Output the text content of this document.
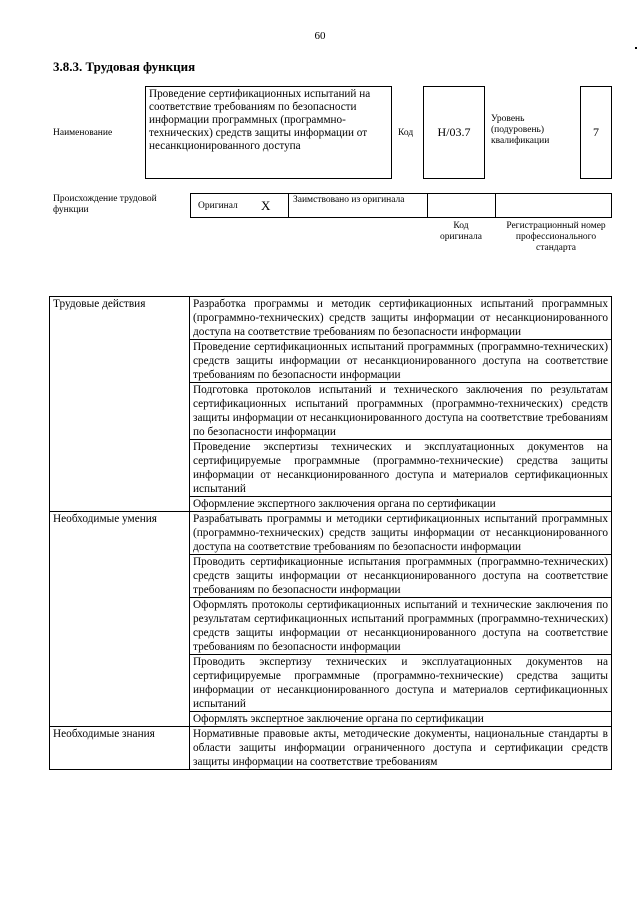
60
3.8.3. Трудовая функция
Наименование
Проведение сертификационных испытаний на соответствие требованиям по безопасности информации программных (программно-технических) средств защиты информации от несанкционированного доступа
Код	Н/03.7
Уровень (подуровень) квалификации
7
Происхождение трудовой функции	Оригинал X Заимствовано из оригинала
Код оригинала
Регистрационный номер профессионального стандарта
Трудовые действия	Разработка программы и методик сертификационных испытаний программных (программно-технических) средств защиты информации от несанкционированного доступа на соответствие требованиям по безопасности информации
	Проведение сертификационных испытаний программных (программно-технических) средств защиты информации от несанкционированного доступа на соответствие требованиям по безопасности информации
	Подготовка протоколов испытаний и технического заключения по результатам сертификационных испытаний программных (программно-технических) средств защиты информации от несанкционированного доступа на соответствие требованиям по безопасности информации
	Проведение экспертизы технических и эксплуатационных документов на сертифицируемые программные (программно-технические) средства защиты информации от несанкционированного доступа и материалов сертификационных испытаний
	Оформление экспертного заключения органа по сертификации
Необходимые умения	Разрабатывать программы и методики сертификационных испытаний программных (программно-технических) средств защиты информации от несанкционированного доступа на соответствие требованиям по безопасности информации
	Проводить сертификационные испытания программных (программно-технических) средств защиты информации от несанкционированного доступа на соответствие требованиям по безопасности информации
	Оформлять протоколы сертификационных испытаний и технические заключения по результатам сертификационных испытаний программных (программно-технических) средств защиты информации от несанкционированного доступа на соответствие требованиям по безопасности информации
	Проводить экспертизу технических и эксплуатационных документов на сертифицируемые программные (программно-технические) средства защиты информации от несанкционированного доступа и материалов сертификационных испытаний
	Оформлять экспертное заключение органа по сертификации
Необходимые знания	Нормативные правовые акты, методические документы, национальные стандарты в области защиты информации ограниченного доступа и сертификации средств защиты информации на соответствие требованиям
